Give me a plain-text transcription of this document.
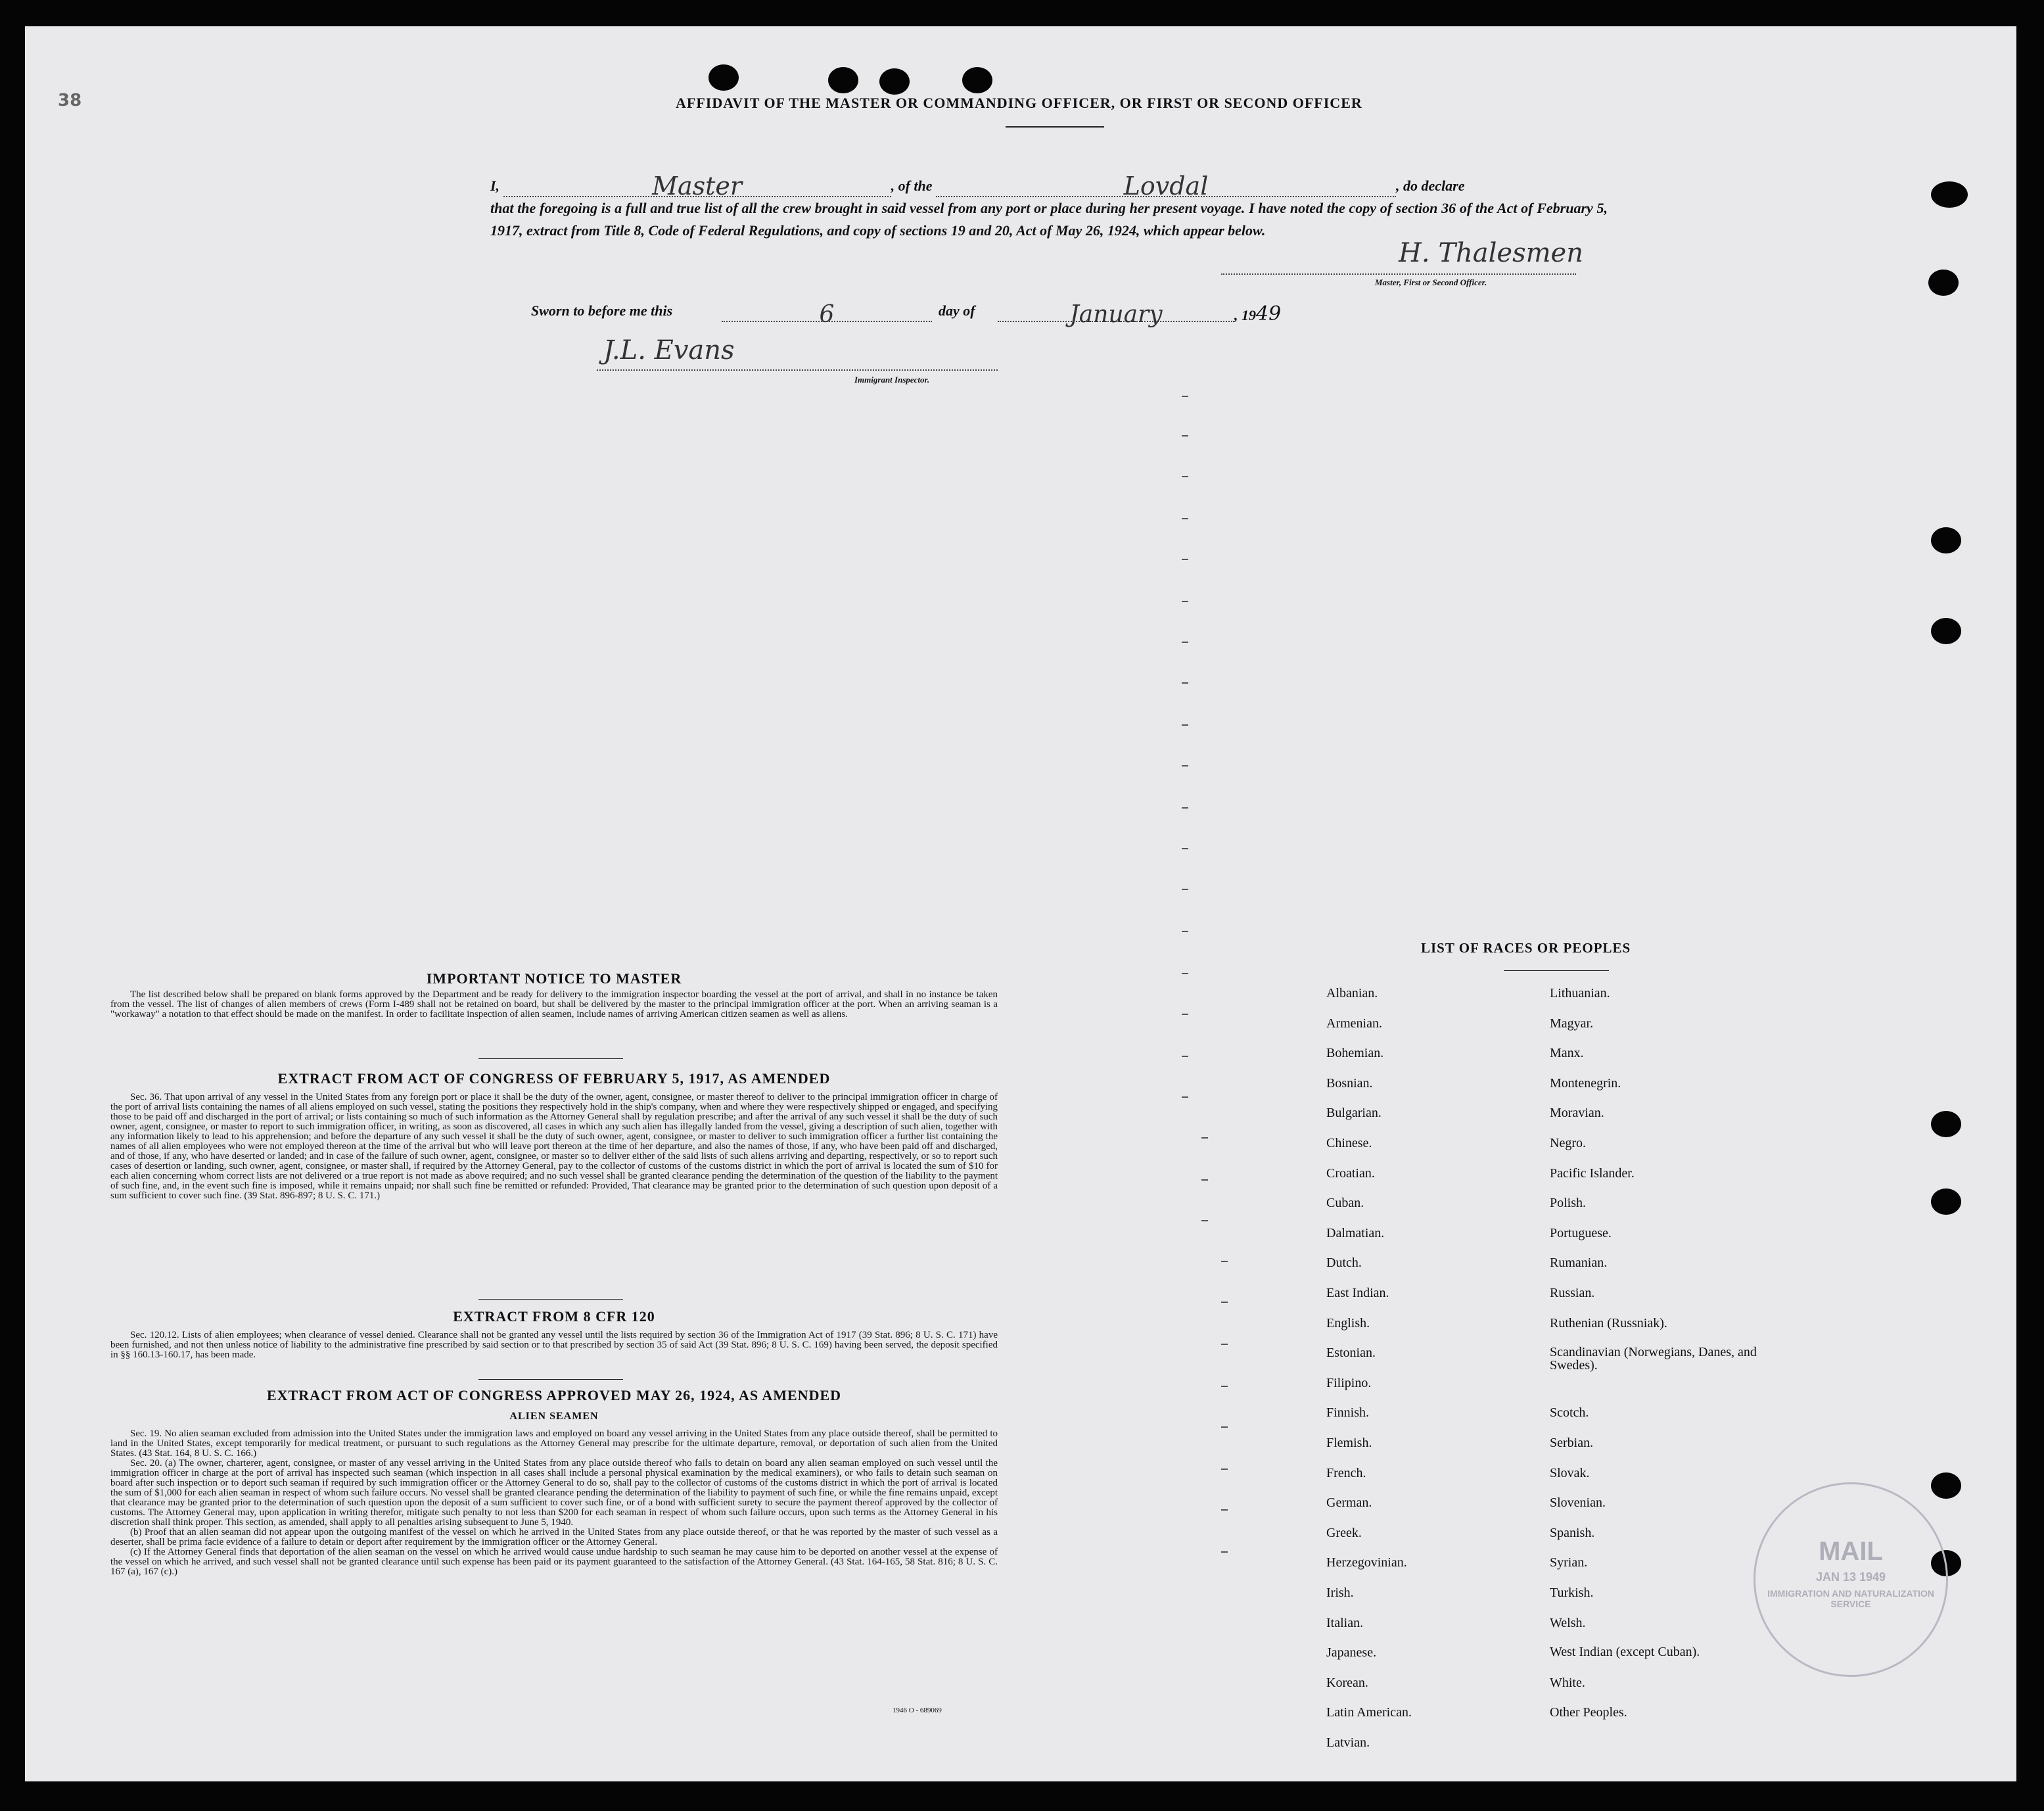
38	AFFIDAVIT OF THE MASTER OR COMMANDING OFFICER, OR FIRST OR SECOND OFFICER
I,	Master	, of the	Lovdal	, do declare
that the foregoing is a full and true list of all the crew brought in said vessel from any port or place during her present voyage. I have noted the copy of section 36 of the Act of February 5, 1917, extract from Title 8, Code of Federal Regulations, and copy of sections 19 and 20, Act of May 26, 1924, which appear below.
H. Thalesmen
Master, First or Second Officer.
Sworn to before me this	6	day of	January	, 1949
J.L. Evans
Immigrant Inspector.
IMPORTANT NOTICE TO MASTER

The list described below shall be prepared on blank forms approved by the Department and be ready for delivery to the immigration inspector boarding the vessel at the port of arrival, and shall in no instance be taken from the vessel. The list of changes of alien members of crews (Form I-489 shall not be retained on board, but shall be delivered by the master to the principal immigration officer at the port. When an arriving seaman is a "workaway" a notation to that effect should be made on the manifest. In order to facilitate inspection of alien seamen, include names of arriving American citizen seamen as well as aliens.

EXTRACT FROM ACT OF CONGRESS OF FEBRUARY 5, 1917, AS AMENDED

Sec. 36. That upon arrival of any vessel in the United States from any foreign port or place it shall be the duty of the owner, agent, consignee, or master thereof to deliver to the principal immigration officer in charge of the port of arrival lists containing the names of all aliens employed on such vessel, stating the positions they respectively hold in the ship's company, when and where they were respectively shipped or engaged, and specifying those to be paid off and discharged in the port of arrival; or lists containing so much of such information as the Attorney General shall by regulation prescribe; and after the arrival of any such vessel it shall be the duty of such owner, agent, consignee, or master to report to such immigration officer, in writing, as soon as discovered, all cases in which any such alien has illegally landed from the vessel, giving a description of such alien, together with any information likely to lead to his apprehension; and before the departure of any such vessel it shall be the duty of such owner, agent, consignee, or master to deliver to such immigration officer a further list containing the names of all alien employees who were not employed thereon at the time of the arrival but who will leave port thereon at the time of her departure, and also the names of those, if any, who have been paid off and discharged, and of those, if any, who have deserted or landed; and in case of the failure of such owner, agent, consignee, or master so to deliver either of the said lists of such aliens arriving and departing, respectively, or so to report such cases of desertion or landing, such owner, agent, consignee, or master shall, if required by the Attorney General, pay to the collector of customs of the customs district in which the port of arrival is located the sum of $10 for each alien concerning whom correct lists are not delivered or a true report is not made as above required; and no such vessel shall be granted clearance pending the determination of the question of the liability to the payment of such fine, and, in the event such fine is imposed, while it remains unpaid; nor shall such fine be remitted or refunded: Provided, That clearance may be granted prior to the determination of such question upon deposit of a sum sufficient to cover such fine. (39 Stat. 896-897; 8 U. S. C. 171.)

EXTRACT FROM 8 CFR 120

Sec. 120.12. Lists of alien employees; when clearance of vessel denied. Clearance shall not be granted any vessel until the lists required by section 36 of the Immigration Act of 1917 (39 Stat. 896; 8 U. S. C. 171) have been furnished, and not then unless notice of liability to the administrative fine prescribed by said section or to that prescribed by section 35 of said Act (39 Stat. 896; 8 U. S. C. 169) having been served, the deposit specified in §§ 160.13-160.17, has been made.

EXTRACT FROM ACT OF CONGRESS APPROVED MAY 26, 1924, AS AMENDED
ALIEN SEAMEN

Sec. 19. No alien seaman excluded from admission into the United States under the immigration laws and employed on board any vessel arriving in the United States from any place outside thereof, shall be permitted to land in the United States, except temporarily for medical treatment, or pursuant to such regulations as the Attorney General may prescribe for the ultimate departure, removal, or deportation of such alien from the United States. (43 Stat. 164, 8 U. S. C. 166.)

Sec. 20. (a) The owner, charterer, agent, consignee, or master of any vessel arriving in the United States from any place outside thereof who fails to detain on board any alien seaman employed on such vessel until the immigration officer in charge at the port of arrival has inspected such seaman (which inspection in all cases shall include a personal physical examination by the medical examiners), or who fails to detain such seaman on board after such inspection or to deport such seaman if required by such immigration officer or the Attorney General to do so, shall pay to the collector of customs of the customs district in which the port of arrival is located the sum of $1,000 for each alien seaman in respect of whom such failure occurs. No vessel shall be granted clearance pending the determination of the liability to payment of such fine, or while the fine remains unpaid, except that clearance may be granted prior to the determination of such question upon the deposit of a sum sufficient to cover such fine, or of a bond with sufficient surety to secure the payment thereof approved by the collector of customs. The Attorney General may, upon application in writing therefor, mitigate such penalty to not less than $200 for each seaman in respect of whom such failure occurs, upon such terms as the Attorney General in his discretion shall think proper. This section, as amended, shall apply to all penalties arising subsequent to June 5, 1940.

(b) Proof that an alien seaman did not appear upon the outgoing manifest of the vessel on which he arrived in the United States from any place outside thereof, or that he was reported by the master of such vessel as a deserter, shall be prima facie evidence of a failure to detain or deport after requirement by the immigration officer or the Attorney General.

(c) If the Attorney General finds that deportation of the alien seaman on the vessel on which he arrived would cause undue hardship to such seaman he may cause him to be deported on another vessel at the expense of the vessel on which he arrived, and such vessel shall not be granted clearance until such expense has been paid or its payment guaranteed to the satisfaction of the Attorney General. (43 Stat. 164-165, 58 Stat. 816; 8 U. S. C. 167 (a), 167 (c).)

1946 O - 689069
LIST OF RACES OR PEOPLES
MAIL
JAN 13 1949
IMMIGRATION AND NATURALIZATION SERVICE
Albanian.
Armenian.
Bohemian.
Bosnian.
Bulgarian.
Chinese.
Croatian.
Cuban.
Dalmatian.
Dutch.
East Indian.
English.
Estonian.
Filipino.
Finnish.
Flemish.
French.
German.
Greek.
Herzegovinian.
Irish.
Italian.
Japanese.
Korean.
Latin American.
Latvian.
Lithuanian.
Magyar.
Manx.
Montenegrin.
Moravian.
Negro.
Pacific Islander.
Polish.
Portuguese.
Rumanian.
Russian.
Ruthenian (Russniak).
Scandinavian (Norwegians, Danes, and Swedes).
Scotch.
Serbian.
Slovak.
Slovenian.
Spanish.
Syrian.
Turkish.
Welsh.
West Indian (except Cuban).
White.
Other Peoples.
